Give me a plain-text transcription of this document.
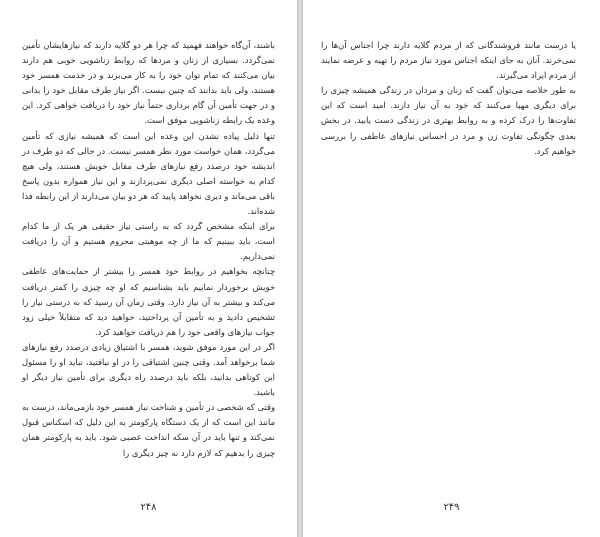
باشند، آن‌گاه خواهند فهمید که چرا هر دو گلایه دارند که نیازهایشان تأمین نمی‌گردد. بسیاری از زنان و مردها که روابط زناشویی خوبی هم دارند بیان می‌کنند که تمام توان خود را به کار می‌برند و در خدمت همسر خود هستند، ولی باید بدانند که چنین نیست. اگر نیاز طرف مقابل خود را بدانی و در جهت تأمین آن گام برداری حتماً نیاز خود را دریافت خواهی کرد. این وعده یک رابطه زناشویی موفق است.

تنها دلیل پیاده نشدن این وعده این است که همیشه نیازی که تأمین می‌گردد، همان خواست مورد نظر همسر نیست. در حالی که دو طرف در اندیشه خود درصدد رفع نیازهای طرف مقابل خویش هستند، ولی هیچ کدام به خواسته اصلی دیگری نمی‌پردازند و این نیاز همواره بدون پاسخ باقی می‌ماند و دیری نخواهد پایید که هر دو بیان می‌دارند از این رابطه فدا شده‌اند.

برای اینکه مشخص گردد که به راستی نیاز حقیقی هر یک از ما کدام است، باید ببینیم که ما از چه موهبتی محروم هستیم و آن را دریافت نمی‌داریم.

چنانچه بخواهیم در روابط خود همسر را بیشتر از حمایت‌های عاطفی خویش برخوردار نماییم باید بشناسیم که او چه چیزی را کمتر دریافت می‌کند و بیشتر به آن نیاز دارد. وقتی زمان آن رسید که به درستی نیاز را تشخیص دادید و به تأمین آن پرداختید، خواهید دید که متقابلاً خیلی زود جواب نیازهای واقعی خود را هم دریافت خواهید کرد.

اگر در این مورد موفق شوید، همسر با اشتیاق زیادی درصدد رفع نیازهای شما برخواهد آمد. وقتی چنین اشتیاقی را در او نیافتید، نباید او را مسئول این کوتاهی بدانید، بلکه باید درصدد راه دیگری برای تأمین نیاز دیگر او باشید.

وقتی که شخصی در تأمین و شناخت نیاز همسر خود بازمی‌ماند، درست به مانند این است که از یک دستگاه پارکومتر به این دلیل که اسکناس قبول نمی‌کند و تنها باید در آن سکه انداخت عصبی شود. باید به پارکومتر همان چیزی را بدهیم که لازم دارد نه چیز دیگری را

۲۴۸

یا درست مانند فروشندگانی که از مردم گلایه دارند چرا اجناس آن‌ها را نمی‌خرند. آنان به جای اینکه اجناس مورد نیاز مردم را تهیه و عرضه نمایند از مردم ایراد می‌گیرند.

به طور خلاصه می‌توان گفت که زنان و مردان در زندگی همیشه چیزی را برای دیگری مهیا می‌کنند که خود به آن نیاز دارند. امید است که این تفاوت‌ها را درک کرده و به روابط بهتری در زندگی دست یابید. در بخش بعدی چگونگی تفاوت زن و مرد در احساس نیازهای عاطفی را بررسی خواهیم کرد.

۲۴۹
